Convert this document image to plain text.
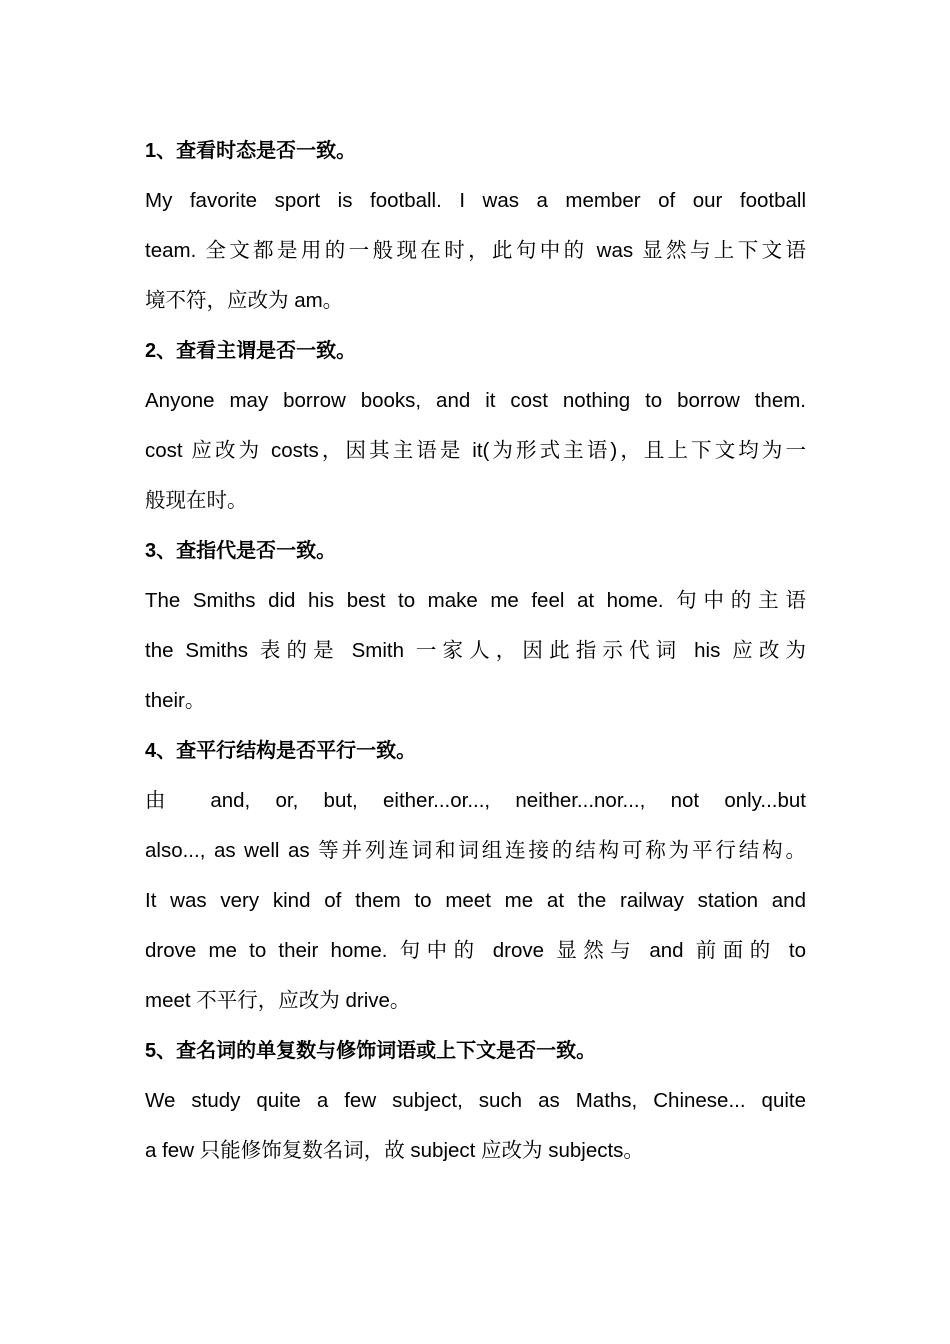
1、查看时态是否一致。
My favorite sport is football. I was a member of our football
team. 全文都是用的一般现在时，此句中的 was 显然与上下文语
境不符，应改为 am。
2、查看主谓是否一致。
Anyone may borrow books, and it cost nothing to borrow them.
cost 应改为 costs，因其主语是 it(为形式主语)，且上下文均为一
般现在时。
3、查指代是否一致。
The Smiths did his best to make me feel at home. 句中的主语
the Smiths 表的是 Smith 一家人，因此指示代词 his 应改为
their。
4、查平行结构是否平行一致。
由 and, or, but, either...or..., neither...nor..., not only...but
also..., as well as 等并列连词和词组连接的结构可称为平行结构。
It was very kind of them to meet me at the railway station and
drove me to their home. 句中的 drove 显然与 and 前面的 to
meet 不平行，应改为 drive。
5、查名词的单复数与修饰词语或上下文是否一致。
We study quite a few subject, such as Maths, Chinese... quite
a few 只能修饰复数名词，故 subject 应改为 subjects。
